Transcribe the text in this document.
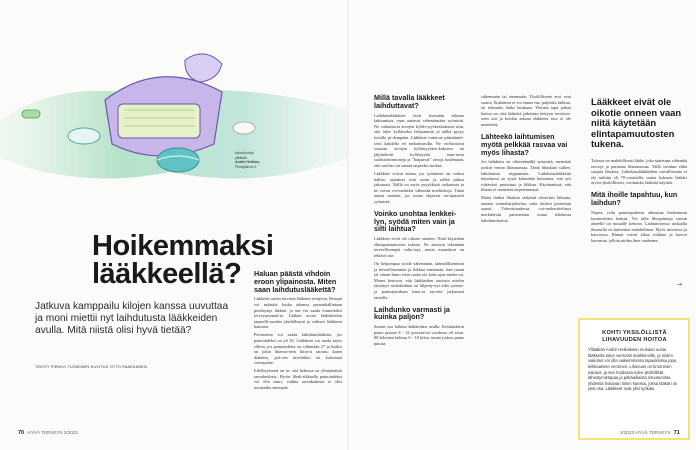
Asiantuntija
yliläkäri
André Heikius,
Pihlajalinna 5
Hoikemmaksi
lääkkeellä?
Jatkuva kamppailu kilojen kanssa uuvuttaa ja moni miettii nyt laihdutusta lääkkeiden avulla. Mitä niistä olisi hyvä tietää?
TEKSTI PIRKKO TUOMINEN KUVITUS OTTO PAAKKANEN
Haluan päästä vihdoin eroon ylipainosta. Miten saan laihdutuslääkettä?

Lääkettä varten tarvitset lääkärin resep-tin. Resepti voi määrätä koska tahansa painonhallintaan perehtynyt lääkäri, ja sen voi saada esimerkiksi terveysasemal-ta. Lääkäri arvioi lääkehoidon tarpeelli-suuden yksilöllisesti ja valitsee lääkkeen kanssasi.

Perusteena voi saada laihdutuslääketta, jos painoindeksi on yli 30. Lääkkeen voi saada myös silloin, jos painoindeksi on vähintään 27 ja lisäksi on jokin lihavuu-teen liittyvä sairaus, kuten diabetes, pol-ven nivelrikko tai kohonnut verenpaine.

Edellytyksenä on se, että kehossa on ylimääräistä rasvakudosta. Hyvin lihak-sikkaalla painoindeksi voi olla suuri, vaikka rasvakudosta ei olisi normaalia enempää.

Millä tavalla lääkkeet laihduttavat?

Laihdutuslääkkeet eivät itsessään aiheuta laihtumista, vaan auttavat vähentämään syömistä. Ne vaikuttavat aivojen kylläi-syyskeskukseen niin, että tulee kylläiseksi helpommin ja nälkä pysyy loitolla pi-dempään. Lääkkeet toimivat pääsääntöi-sesti kahdella eri mekanismilla. Ne vai-kuttavat suoraan aivojen kylläisyyskes-kukseen tai jäljittelevät kylläisyyttä taan-tavia suolistohormoneja ja "huijaavat" aivoja luulemaan, että suolisto on saanut tarpeeksi ruokaa.

Lääkkeet voivat auttaa, jos syöminen on vaikea hallita, ajatukset ovat usein ja nälkä pitkaa jaksuuasi. Niillä on myös psyykkistä vaikutusta ja ne voivat esi-merkiksi vähentää mielitekoja. Tämä auttaa monien, jos ruoan ohjaavat en-sijaisesti syömistä.

Voinko unohtaa lenkkei-lyn, syödä miten vain ja silti laihtua?

Lääkkeet eivät ole oikotie onneen. Niitä käytetään elintapamuutosten tukena. Ne auttavat tekemään terveellisempiä valin-toja, mutta muutokset on tehtävä itse.

On helpompaa syödä vähemmän, säännöllisemmin ja terveellisemmin ja liikkua enemmän, kun ruoan tai viinan-himo eivät ruoka ole koko ajan mieles-sä. Monet kertovat, että lääkkeiden ansiosta mielen täyttänyt ruokakohina on hiljenty-nyt eikä syömis- ja painoajatuksen kans-sa tarvitse jatkuvasti taistella.

Laihdunko varmasti ja kuinka paljon?

Suurin osa laihtuu lääkkeiden avulla. Keskimäärin paino putoaa 8 - 22 prosent-tia vuodessa eli esim. 80-kiloinen laihtuu 6 - 18 kiloa, mutta joskus paino putoaa

vähemmän tai enemmän. Yksilöllisetet erot ovat suuria. Etukäteen ei voi ennus-taa, paljonko laihtuu, tai tehoaako lääke lainkaan. Yleinen tapa jatkaa hoitoa on, että lääkettä jatketaan tiettyyn tavoittee-seen asti ja hoidon aikana eläkkeen taso ei ole menetetty.

Lähteekö laihtumisen myötä pelkkää rasvaa vai myös lihasta?

Jos laihdutus on vähentämällä syömistä, menettää jonkin verran lihasmassaa. Tämä lihaskato sulkee, laihdutusta riippumatta. Laihdutuslääkkeitä käyttäessä on syytä kiinnittää huomiota, että syö riittävästi proteiinia ja liikkuu. Käytännössä, että lihasta ei menetetä tarpeettomasti.

Mutta lisäksi lihaksia säilyttää riittävästi liikunta, tuntien voimaharjoittelua, sekä riittävä proteiinin saanti. Tulevaisuudessa voi-mahavittelussa merkittävää painotetaan osana tehokasta laihdutushoitoa.

Lääkkeet eivät ole oikotie onneen vaan niitä käytetään elintapamuutosten tukena.

Tulossa on mahdollisesti lääke, joka saatetaan vähentää rasvoja ja parantaa lihasmassaa. Tällä voidaan ehkä suojata lihaksia. Laihdutuslääkkeiden turvallisuutta ei ole tutkittu yli 70-vuotiailla, mutta kokenut lääkäri arvioi yksilöllisesti, voidaanko lääkeitä käyttää.

Mitä ihoille tapahtuu, kun laihdun?

Nopea, reilu painonpudotus aiheuttaa herkemmin kosmeettista haittaa. Voi tulla lihopoimuja vatsan alueelle tai muualle kehoon. Laihtumisessa raskaalla ihmisellä on kuitenkin mahdollinen. Myös nivusissa ja kasvoissa. Rinnat voivat alkaa roikkua ja kasvot kaventua, jolloin niiden ilme vanhenee.

→
KOHTI YKSILÖLLISTÄ LIHAVUUDEN HOITOA

Ylilääkäri André Heikiuksen mukaan uusia lääkkeitä tulee varmasti markkinoille, ja niiden vaikutus voi olla vaikeimmissa tapauksissa jopa leikkauksen veroinen. Lihavuus on krooninen sairaus, ja sen hoidossa tulee yksilöllistä lähestymistapaa ja pitkäaikaista sitoutumista yhdessä hoitavan tiimin kanssa, jossa lääkäri on yksi osa. Lääkkeet ovat yksi työkalu.

70 HYVÄ TERVEYS 2/2023	2/2023 HYVÄ TERVEYS 71
